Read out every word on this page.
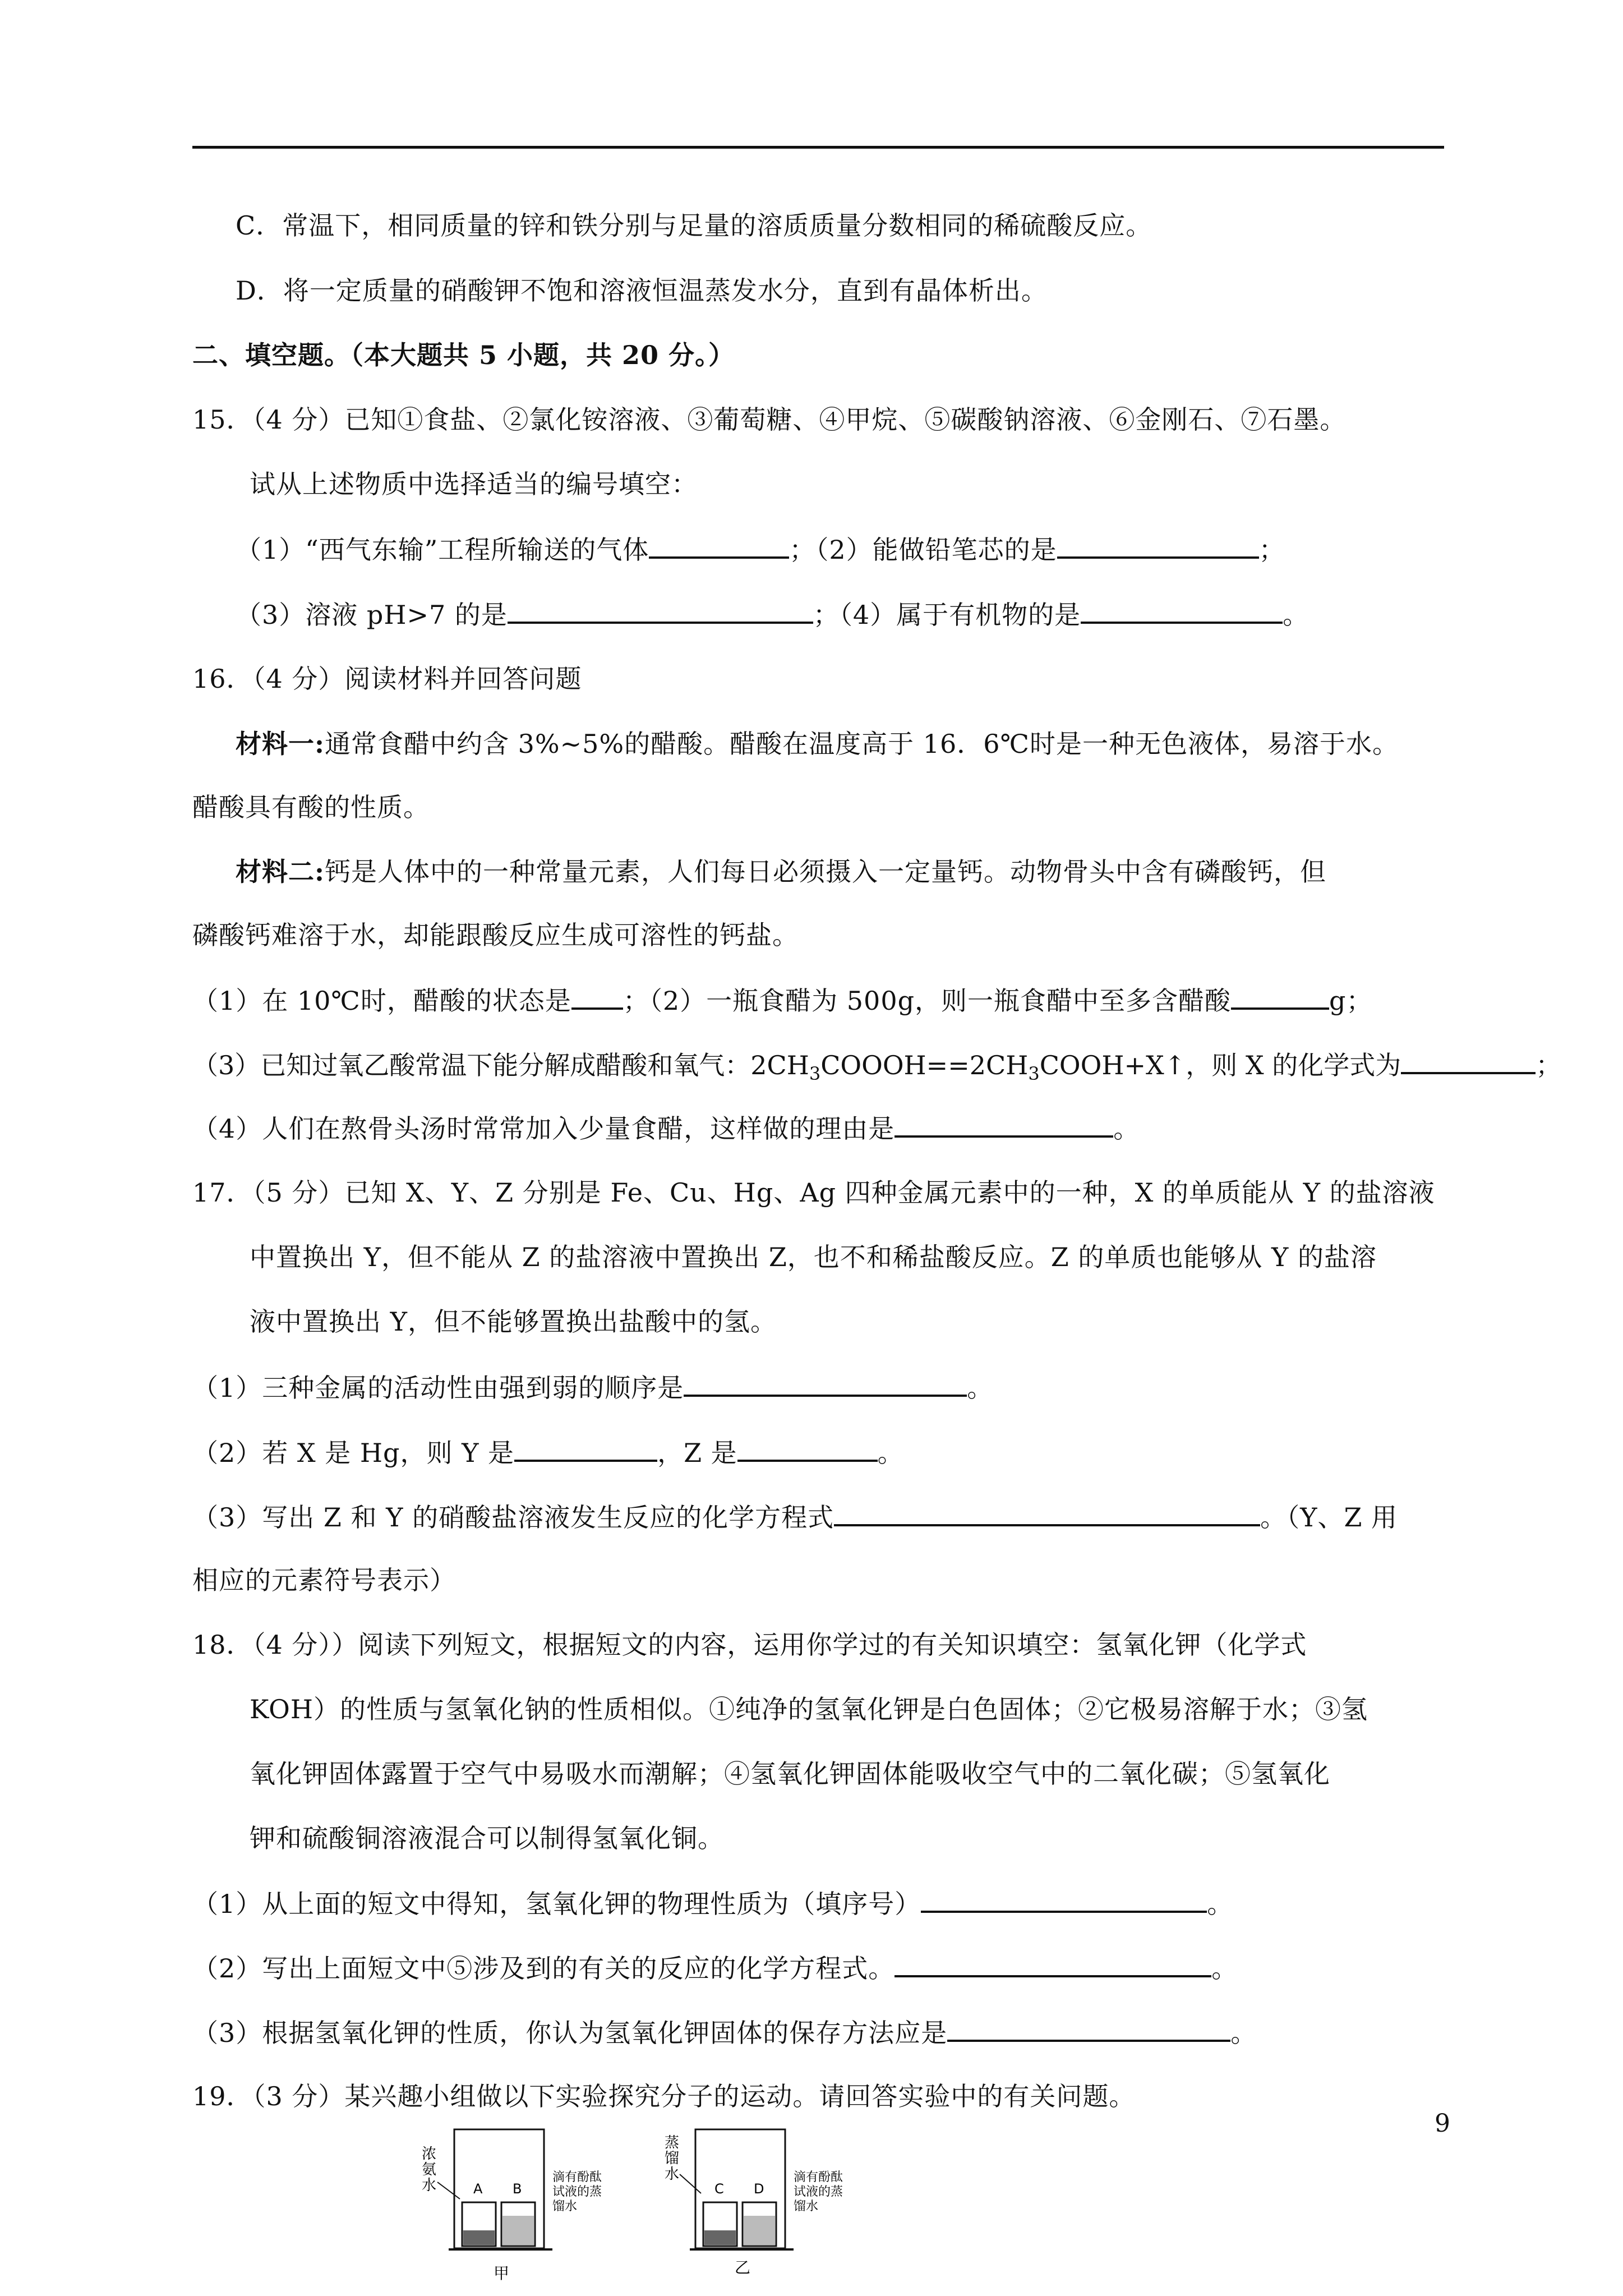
C．常温下，相同质量的锌和铁分别与足量的溶质质量分数相同的稀硫酸反应。
D．将一定质量的硝酸钾不饱和溶液恒温蒸发水分，直到有晶体析出。
二、填空题。（本大题共 5 小题，共 20 分。）
15．（4 分）已知①食盐、②氯化铵溶液、③葡萄糖、④甲烷、⑤碳酸钠溶液、⑥金刚石、⑦石墨。
试从上述物质中选择适当的编号填空：
（1）“西气东输”工程所输送的气体	；（2）能做铅笔芯的是	；
（3）溶液 pH>7 的是	；（4）属于有机物的是	。
16．（4 分）阅读材料并回答问题
材料一:通常食醋中约含 3%~5%的醋酸。醋酸在温度高于 16．6℃时是一种无色液体，易溶于水。
醋酸具有酸的性质。
材料二:钙是人体中的一种常量元素，人们每日必须摄入一定量钙。动物骨头中含有磷酸钙，但
磷酸钙难溶于水，却能跟酸反应生成可溶性的钙盐。
（1）在 10℃时，醋酸的状态是 ；（2）一瓶食醋为 500g，则一瓶食醋中至多含醋酸	g；
（3）已知过氧乙酸常温下能分解成醋酸和氧气：$2CH_3COOOH==2CH_3COOH+X↑$，则 X 的化学式为	；
（4）人们在熬骨头汤时常常加入少量食醋，这样做的理由是	。
17．（5 分）已知 X、Y、Z 分别是 Fe、Cu、Hg、Ag 四种金属元素中的一种，X 的单质能从 Y 的盐溶液
中置换出 Y，但不能从 Z 的盐溶液中置换出 Z，也不和稀盐酸反应。Z 的单质也能够从 Y 的盐溶
液中置换出 Y，但不能够置换出盐酸中的氢。
（1）三种金属的活动性由强到弱的顺序是	。
（2）若 X 是 Hg，则 Y 是	，Z 是	。
（3）写出 Z 和 Y 的硝酸盐溶液发生反应的化学方程式	。（Y、Z 用
相应的元素符号表示）
18．（4 分））阅读下列短文，根据短文的内容，运用你学过的有关知识填空：氢氧化钾（化学式
KOH）的性质与氢氧化钠的性质相似。①纯净的氢氧化钾是白色固体；②它极易溶解于水；③氢
氧化钾固体露置于空气中易吸水而潮解；④氢氧化钾固体能吸收空气中的二氧化碳；⑤氢氧化
钾和硫酸铜溶液混合可以制得氢氧化铜。
（1）从上面的短文中得知，氢氧化钾的物理性质为（填序号）	。
（2）写出上面短文中⑤涉及到的有关的反应的化学方程式。	。
（3）根据氢氧化钾的性质，你认为氢氧化钾固体的保存方法应是	。
19．（3 分）某兴趣小组做以下实验探究分子的运动。请回答实验中的有关问题。
浓
氨
水	A B
滴有酚酞
试液的蒸
馏水
甲
蒸
馏
水
C D
滴有酚酞
试液的蒸
馏水
乙
9
